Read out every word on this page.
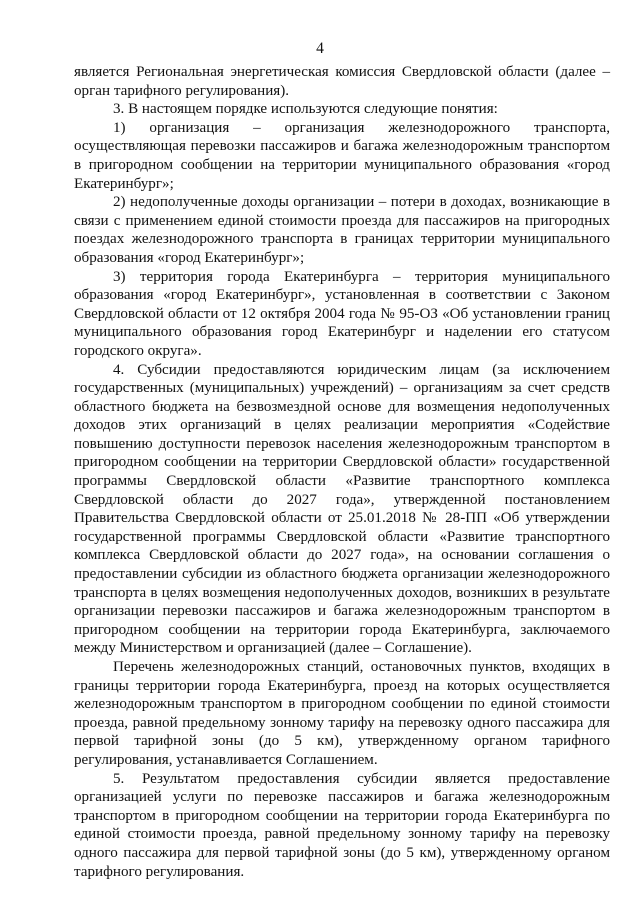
4

является Региональная энергетическая комиссия Свердловской области (далее – орган тарифного регулирования).

3. В настоящем порядке используются следующие понятия:

1) организация – организация железнодорожного транспорта, осуществляющая перевозки пассажиров и багажа железнодорожным транспортом в пригородном сообщении на территории муниципального образования «город Екатеринбург»;

2) недополученные доходы организации – потери в доходах, возникающие в связи с применением единой стоимости проезда для пассажиров на пригородных поездах железнодорожного транспорта в границах территории муниципального образования «город Екатеринбург»;

3) территория города Екатеринбурга – территория муниципального образования «город Екатеринбург», установленная в соответствии с Законом Свердловской области от 12 октября 2004 года № 95-ОЗ «Об установлении границ муниципального образования город Екатеринбург и наделении его статусом городского округа».

4. Субсидии предоставляются юридическим лицам (за исключением государственных (муниципальных) учреждений) – организациям за счет средств областного бюджета на безвозмездной основе для возмещения недополученных доходов этих организаций в целях реализации мероприятия «Содействие повышению доступности перевозок населения железнодорожным транспортом в пригородном сообщении на территории Свердловской области» государственной программы Свердловской области «Развитие транспортного комплекса Свердловской области до 2027 года», утвержденной постановлением Правительства Свердловской области от 25.01.2018 № 28-ПП «Об утверждении государственной программы Свердловской области «Развитие транспортного комплекса Свердловской области до 2027 года», на основании соглашения о предоставлении субсидии из областного бюджета организации железнодорожного транспорта в целях возмещения недополученных доходов, возникших в результате организации перевозки пассажиров и багажа железнодорожным транспортом в пригородном сообщении на территории города Екатеринбурга, заключаемого между Министерством и организацией (далее – Соглашение).

Перечень железнодорожных станций, остановочных пунктов, входящих в границы территории города Екатеринбурга, проезд на которых осуществляется железнодорожным транспортом в пригородном сообщении по единой стоимости проезда, равной предельному зонному тарифу на перевозку одного пассажира для первой тарифной зоны (до 5 км), утвержденному органом тарифного регулирования, устанавливается Соглашением.

5. Результатом предоставления субсидии является предоставление организацией услуги по перевозке пассажиров и багажа железнодорожным транспортом в пригородном сообщении на территории города Екатеринбурга по единой стоимости проезда, равной предельному зонному тарифу на перевозку одного пассажира для первой тарифной зоны (до 5 км), утвержденному органом тарифного регулирования.
